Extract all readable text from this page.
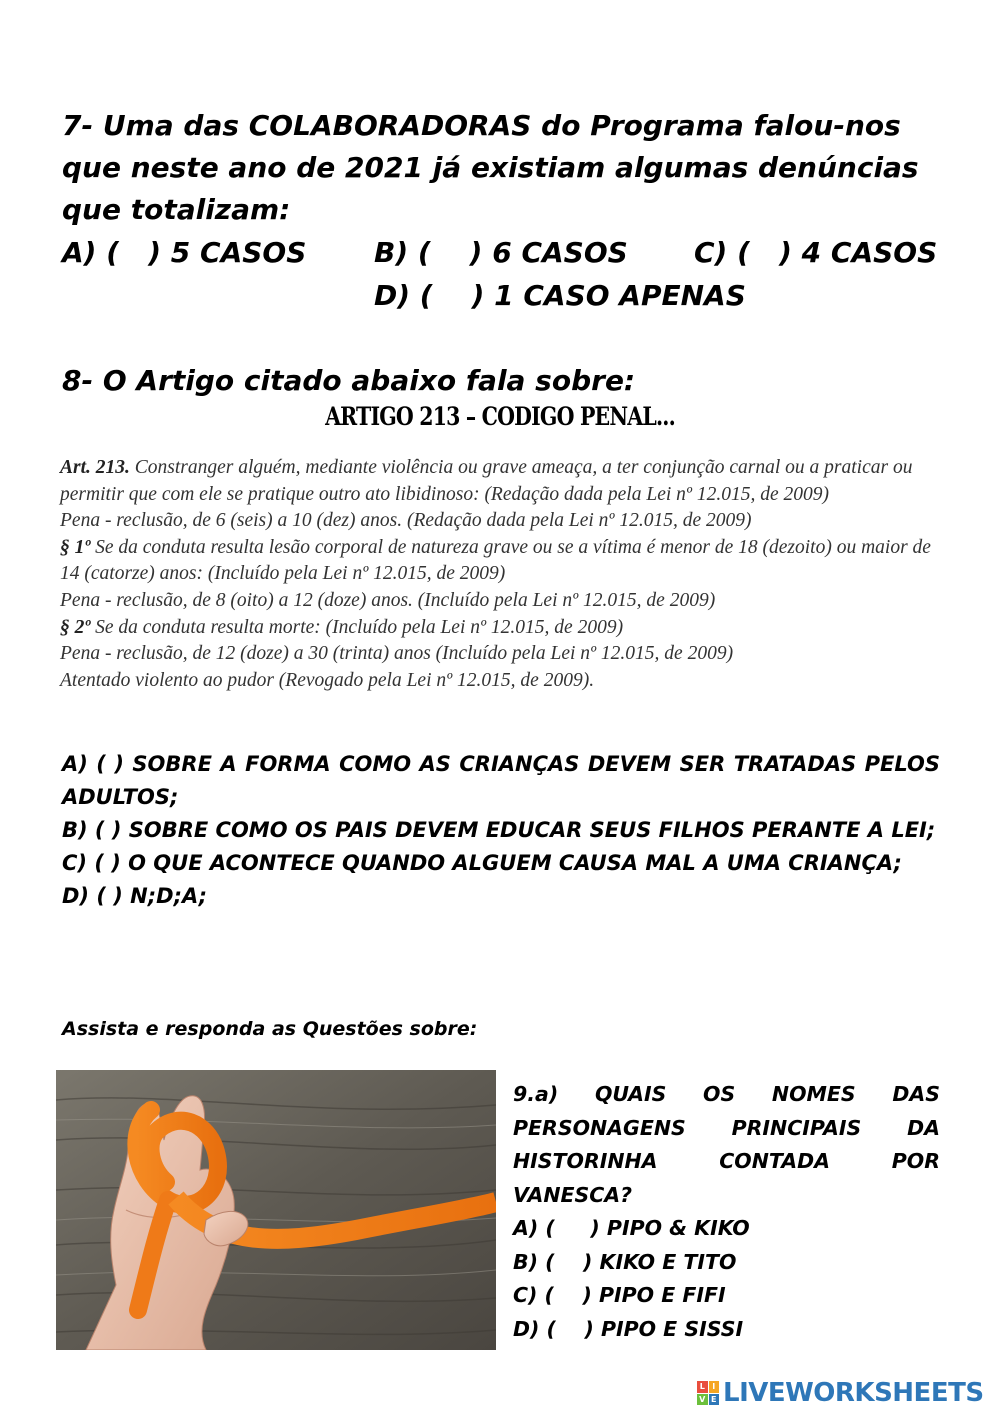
7- Uma das COLABORADORAS do Programa falou-nos
que neste ano de 2021 já existiam algumas denúncias
que totalizam:
A) (   ) 5 CASOS B) (    ) 6 CASOS C) (   ) 4 CASOS
D) (    ) 1 CASO APENAS
8- O Artigo citado abaixo fala sobre:
ARTIGO 213 – CODIGO PENAL...

Art. 213. Constranger alguém, mediante violência ou grave ameaça, a ter conjunção carnal ou a praticar ou permitir que com ele se pratique outro ato libidinoso: (Redação dada pela Lei nº 12.015, de 2009)

Pena - reclusão, de 6 (seis) a 10 (dez) anos. (Redação dada pela Lei nº 12.015, de 2009)

§ 1º Se da conduta resulta lesão corporal de natureza grave ou se a vítima é menor de 18 (dezoito) ou maior de 14 (catorze) anos: (Incluído pela Lei nº 12.015, de 2009)

Pena - reclusão, de 8 (oito) a 12 (doze) anos. (Incluído pela Lei nº 12.015, de 2009)

§ 2º Se da conduta resulta morte: (Incluído pela Lei nº 12.015, de 2009)

Pena - reclusão, de 12 (doze) a 30 (trinta) anos (Incluído pela Lei nº 12.015, de 2009)

Atentado violento ao pudor (Revogado pela Lei nº 12.015, de 2009).

A) ( ) SOBRE A FORMA COMO AS CRIANÇAS DEVEM SER TRATADAS PELOS ADULTOS;

B) ( ) SOBRE COMO OS PAIS DEVEM EDUCAR SEUS FILHOS PERANTE A LEI;

C) ( ) O QUE ACONTECE QUANDO ALGUEM CAUSA MAL A UMA CRIANÇA;

D) ( ) N;D;A;

Assista e responda as Questões sobre:

9.a) QUAIS OS NOMES DAS

PERSONAGENS PRINCIPAIS DA

HISTORINHA CONTADA POR

VANESCA?

A) (     ) PIPO & KIKO

B) (    ) KIKO E TITO

C) (    ) PIPO E FIFI

D) (    ) PIPO E SISSI

L I
V E LIVEWORKSHEETS
